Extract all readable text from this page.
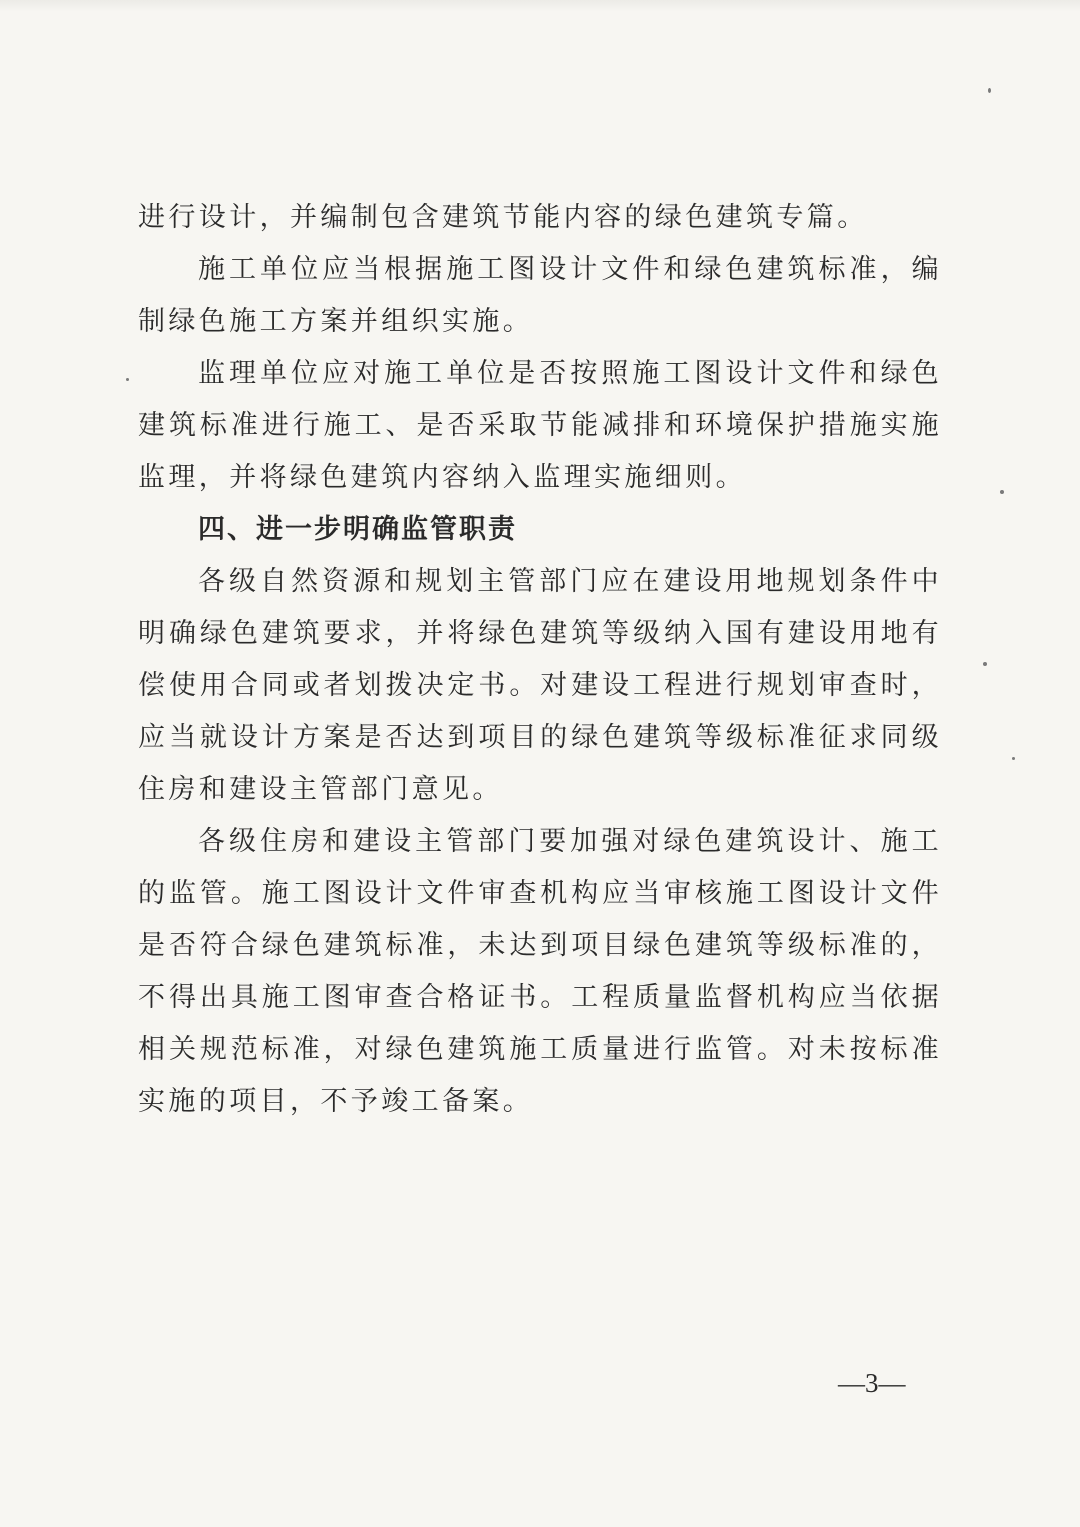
进行设计，并编制包含建筑节能内容的绿色建筑专篇。

施工单位应当根据施工图设计文件和绿色建筑标准，编制绿色施工方案并组织实施。

监理单位应对施工单位是否按照施工图设计文件和绿色建筑标准进行施工、是否采取节能减排和环境保护措施实施监理，并将绿色建筑内容纳入监理实施细则。

四、进一步明确监管职责

各级自然资源和规划主管部门应在建设用地规划条件中明确绿色建筑要求，并将绿色建筑等级纳入国有建设用地有偿使用合同或者划拨决定书。对建设工程进行规划审查时，应当就设计方案是否达到项目的绿色建筑等级标准征求同级住房和建设主管部门意见。

各级住房和建设主管部门要加强对绿色建筑设计、施工的监管。施工图设计文件审查机构应当审核施工图设计文件是否符合绿色建筑标准，未达到项目绿色建筑等级标准的，不得出具施工图审查合格证书。工程质量监督机构应当依据相关规范标准，对绿色建筑施工质量进行监管。对未按标准实施的项目，不予竣工备案。

—3—
